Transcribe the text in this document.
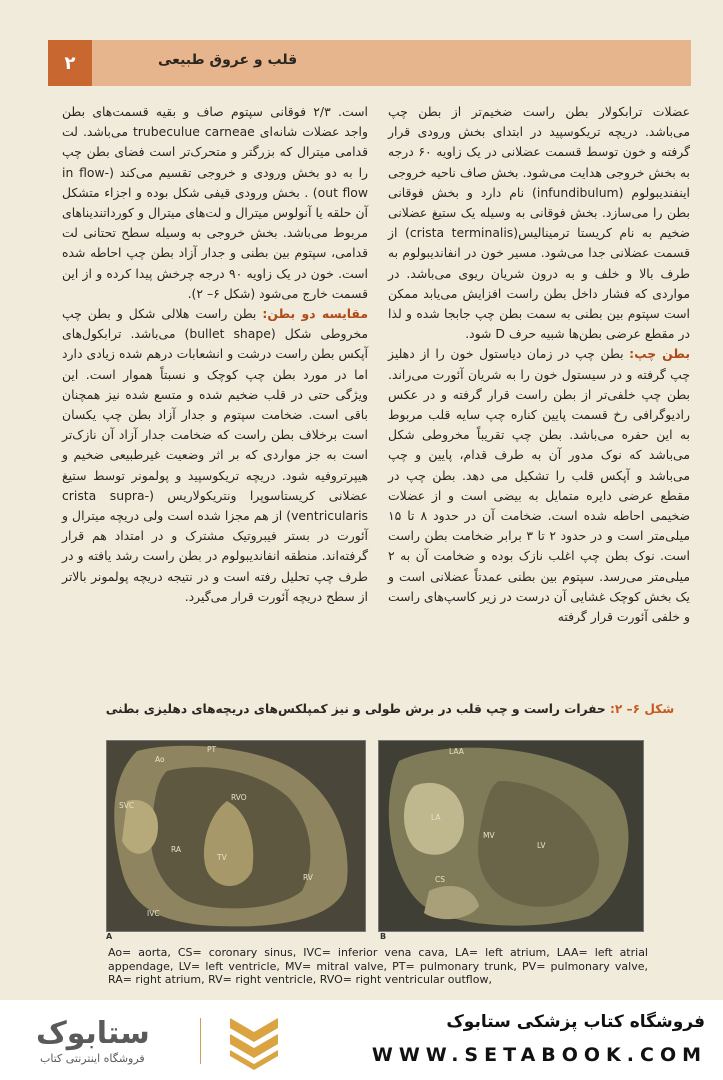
قلب و عروق طبیعی
۲

عضلات ترابکولار بطن راست ضخیم‌تر از بطن چپ می‌باشد. دریچه تریکوسپید در ابتدای بخش ورودی قرار گرفته و خون توسط قسمت عضلانی در یک زاویه ۶۰ درجه به بخش خروجی هدایت می‌شود. بخش صاف ناحیه خروجی اینفندیبولوم (infundibulum) نام دارد و بخش فوقانی بطن را می‌سازد. بخش فوقانی به وسیله یک ستیغ عضلانی ضخیم به نام کریستا ترمینالیس(crista terminalis) از قسمت عضلانی جدا می‌شود. مسیر خون در انفاندیبولوم به طرف بالا و خلف و به درون شریان ریوی می‌باشد. در مواردی که فشار داخل بطن راست افزایش می‌یابد ممکن است سپتوم بین بطنی به سمت بطن چپ جابجا شده و لذا در مقطع عرضی بطن‌ها شبیه حرف D شود.

بطن چپ: بطن چپ در زمان دیاستول خون را از دهلیز چپ گرفته و در سیستول خون را به شریان آئورت می‌راند. بطن چپ خلفی‌تر از بطن راست قرار گرفته و در عکس رادیوگرافی رخ قسمت پایین کناره چپ سایه قلب مربوط به این حفره می‌باشد. بطن چپ تقریباً مخروطی شکل می‌باشد که نوک مدور آن به طرف قدام، پایین و چپ می‌باشد و آپکس قلب را تشکیل می دهد. بطن چپ در مقطع عرضی دایره متمایل به بیضی است و از عضلات ضخیمی احاطه شده است. ضخامت آن در حدود ۸ تا ۱۵ میلی‌متر است و در حدود ۲ تا ۳ برابر ضخامت بطن راست است. نوک بطن چپ اغلب نازک بوده و ضخامت آن به ۲ میلی‌متر می‌رسد. سپتوم بین بطنی عمدتاً عضلانی است و یک بخش کوچک غشایی آن درست در زیر کاسپ‌های راست و خلفی آئورت قرار گرفته

است. ۲/۳ فوقانی سپتوم صاف و بقیه قسمت‌های بطن واجد عضلات شانه‌ای trubeculue carneae می‌باشد. لت قدامی میترال که بزرگتر و متحرک‌تر است فضای بطن چپ را به دو بخش ورودی و خروجی تقسیم می‌کند (in flow-out flow) . بخش ورودی قیفی شکل بوده و اجزاء متشکل آن حلقه یا آنولوس میترال و لت‌های میترال و کورداتندیناهای مربوط می‌باشد. بخش خروجی به وسیله سطح تحتانی لت قدامی، سپتوم بین بطنی و جدار آزاد بطن چپ احاطه شده است. خون در یک زاویه ۹۰ درجه چرخش پیدا کرده و از این قسمت خارج می‌شود (شکل ۶– ۲).

مقایسه دو بطن: بطن راست هلالی شکل و بطن چپ مخروطی شکل (bullet shape) می‌باشد. ترابکول‌های آپکس بطن راست درشت و انشعابات درهم شده زیادی دارد اما در مورد بطن چپ کوچک و نسبتاً هموار است. این ویژگی حتی در قلب ضخیم شده و متسع شده نیز همچنان باقی است. ضخامت سپتوم و جدار آزاد بطن چپ یکسان است برخلاف بطن راست که ضخامت جدار آزاد آن نازک‌تر است به جز مواردی که بر اثر وضعیت غیرطبیعی ضخیم و هیپرتروفیه شود. دریچه تریکوسپید و پولمونر توسط ستیغ عضلانی کریستاسوپرا ونتریکولاریس (crista supra-ventricularis) از هم مجزا شده است ولی دریچه میترال و آئورت در بستر فیبروتیک مشترک و در امتداد هم قرار گرفته‌اند. منطقه انفاندیبولوم در بطن راست رشد یافته و در طرف چپ تحلیل رفته است و در نتیجه دریچه پولمونر بالاتر از سطح دریچه آئورت قرار می‌گیرد.

شکل ۶– ۲: حفرات راست و چپ قلب در برش طولی و نیز کمپلکس‌های دریچه‌های دهلیزی بطنی
Ao
PT
SVC
RVO
RA
TV
RV
IVC
A
LAA
LA
MV
LV
CS
B
Ao= aorta, CS= coronary sinus, IVC= inferior vena cava, LA= left atrium, LAA= left atrial appendage, LV= left ventricle, MV= mitral valve, PT= pulmonary trunk, PV= pulmonary valve, RA= right atrium, RV= right ventricle, RVO= right ventricular outflow,
ستابوک
فروشگاه اینترنتی کتاب
فروشگاه کتاب پزشکی ستابوک
WWW.SETABOOK.COM
